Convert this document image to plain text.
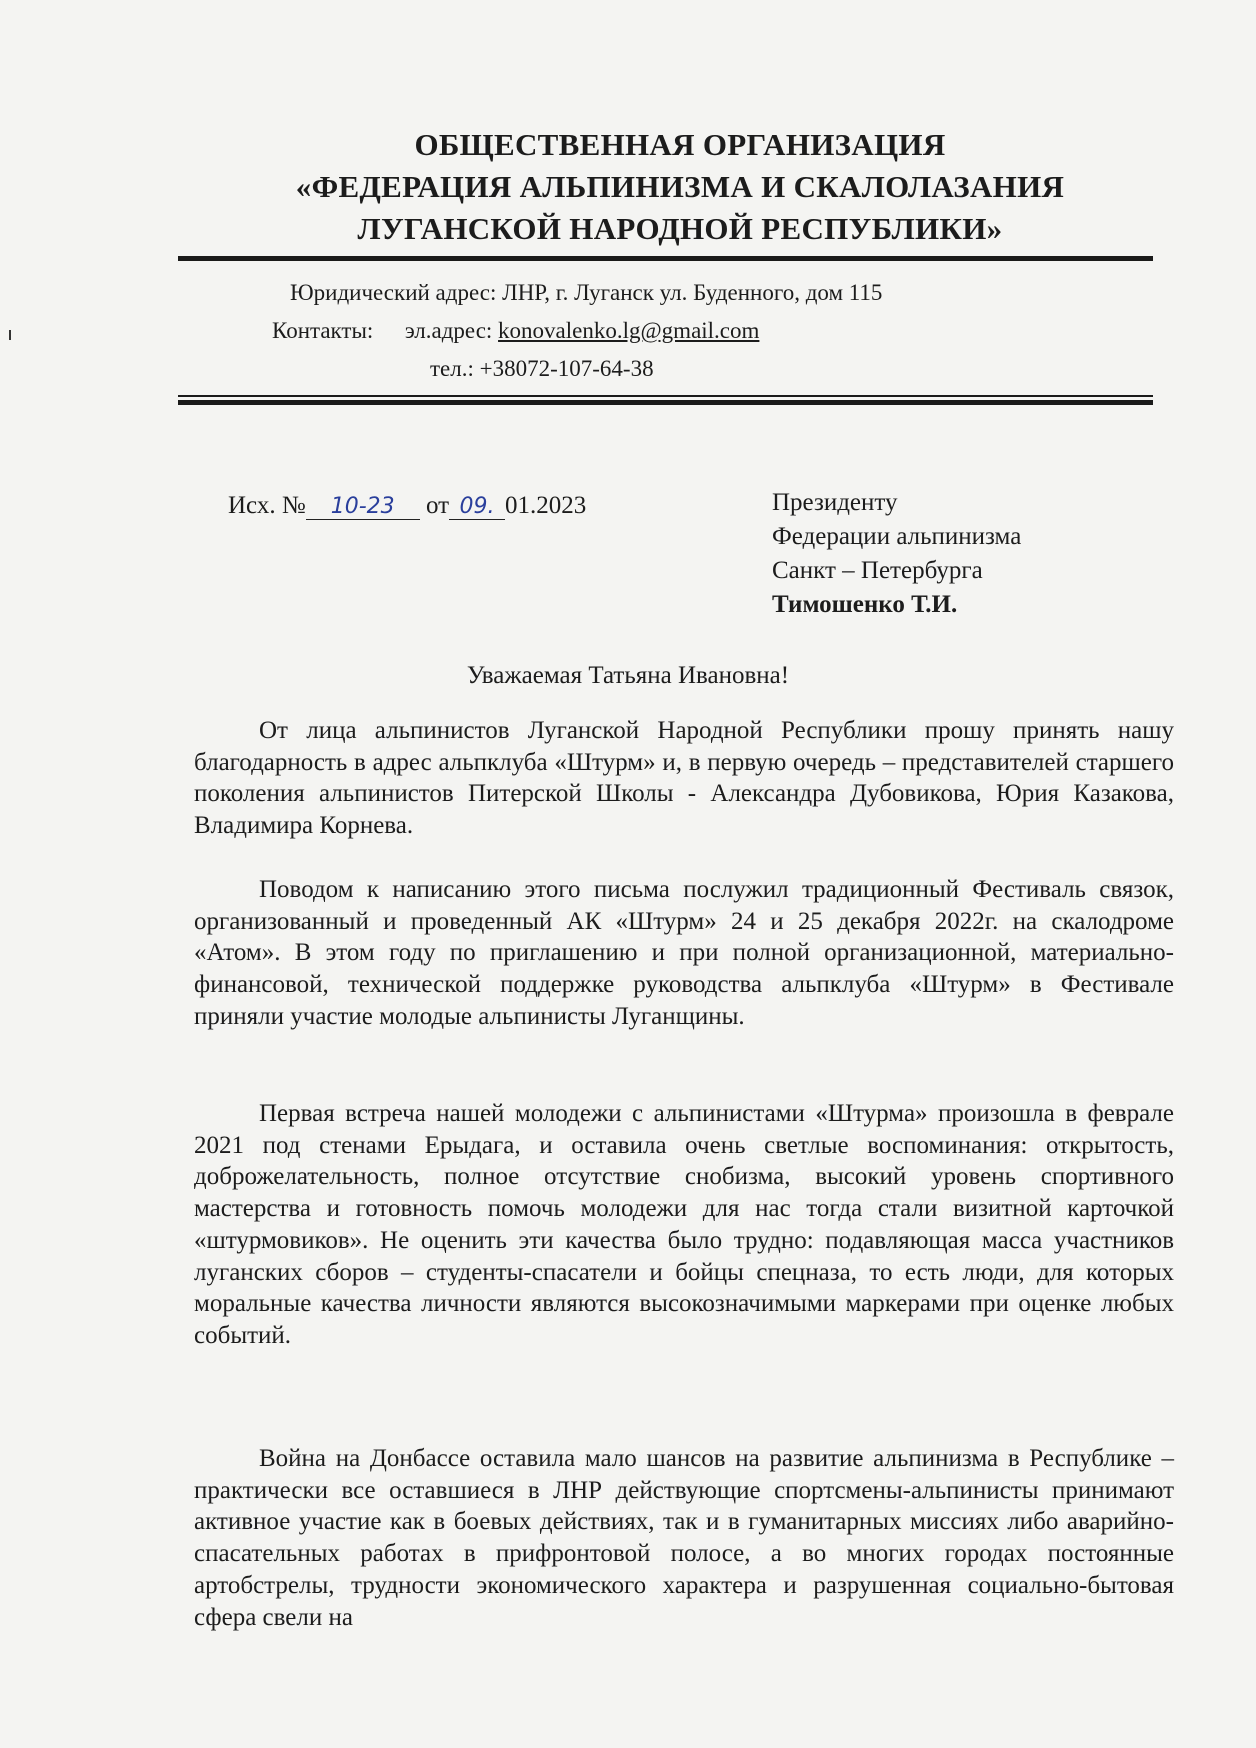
ОБЩЕСТВЕННАЯ ОРГАНИЗАЦИЯ
«ФЕДЕРАЦИЯ АЛЬПИНИЗМА И СКАЛОЛАЗАНИЯ
ЛУГАНСКОЙ НАРОДНОЙ РЕСПУБЛИКИ»
Юридический адрес: ЛНР, г. Луганск ул. Буденного, дом 115
Контакты: эл.адрес: konovalenko.lg@gmail.com
тел.: +38072-107-64-38
Исх. № 10-23 от 09. 01.2023	Президенту
Федерации альпинизма
Санкт – Петербурга
Тимошенко Т.И.
Уважаемая Татьяна Ивановна!
От лица альпинистов Луганской Народной Республики прошу принять нашу благодарность в адрес альпклуба «Штурм» и, в первую очередь – представителей старшего поколения альпинистов Питерской Школы - Александра Дубовикова, Юрия Казакова, Владимира Корнева.
Поводом к написанию этого письма послужил традиционный Фестиваль связок, организованный и проведенный АК «Штурм» 24 и 25 декабря 2022г. на скалодроме «Атом». В этом году по приглашению и при полной организационной, материально-финансовой, технической поддержке руководства альпклуба «Штурм» в Фестивале приняли участие молодые альпинисты Луганщины.
Первая встреча нашей молодежи с альпинистами «Штурма» произошла в феврале 2021 под стенами Ерыдага, и оставила очень светлые воспоминания: открытость, доброжелательность, полное отсутствие снобизма, высокий уровень спортивного мастерства и готовность помочь молодежи для нас тогда стали визитной карточкой «штурмовиков». Не оценить эти качества было трудно: подавляющая масса участников луганских сборов – студенты-спасатели и бойцы спецназа, то есть люди, для которых моральные качества личности являются высокозначимыми маркерами при оценке любых событий.
Война на Донбассе оставила мало шансов на развитие альпинизма в Республике – практически все оставшиеся в ЛНР действующие спортсмены-альпинисты принимают активное участие как в боевых действиях, так и в гуманитарных миссиях либо аварийно-спасательных работах в прифронтовой полосе, а во многих городах постоянные артобстрелы, трудности экономического характера и разрушенная социально-бытовая сфера свели на
